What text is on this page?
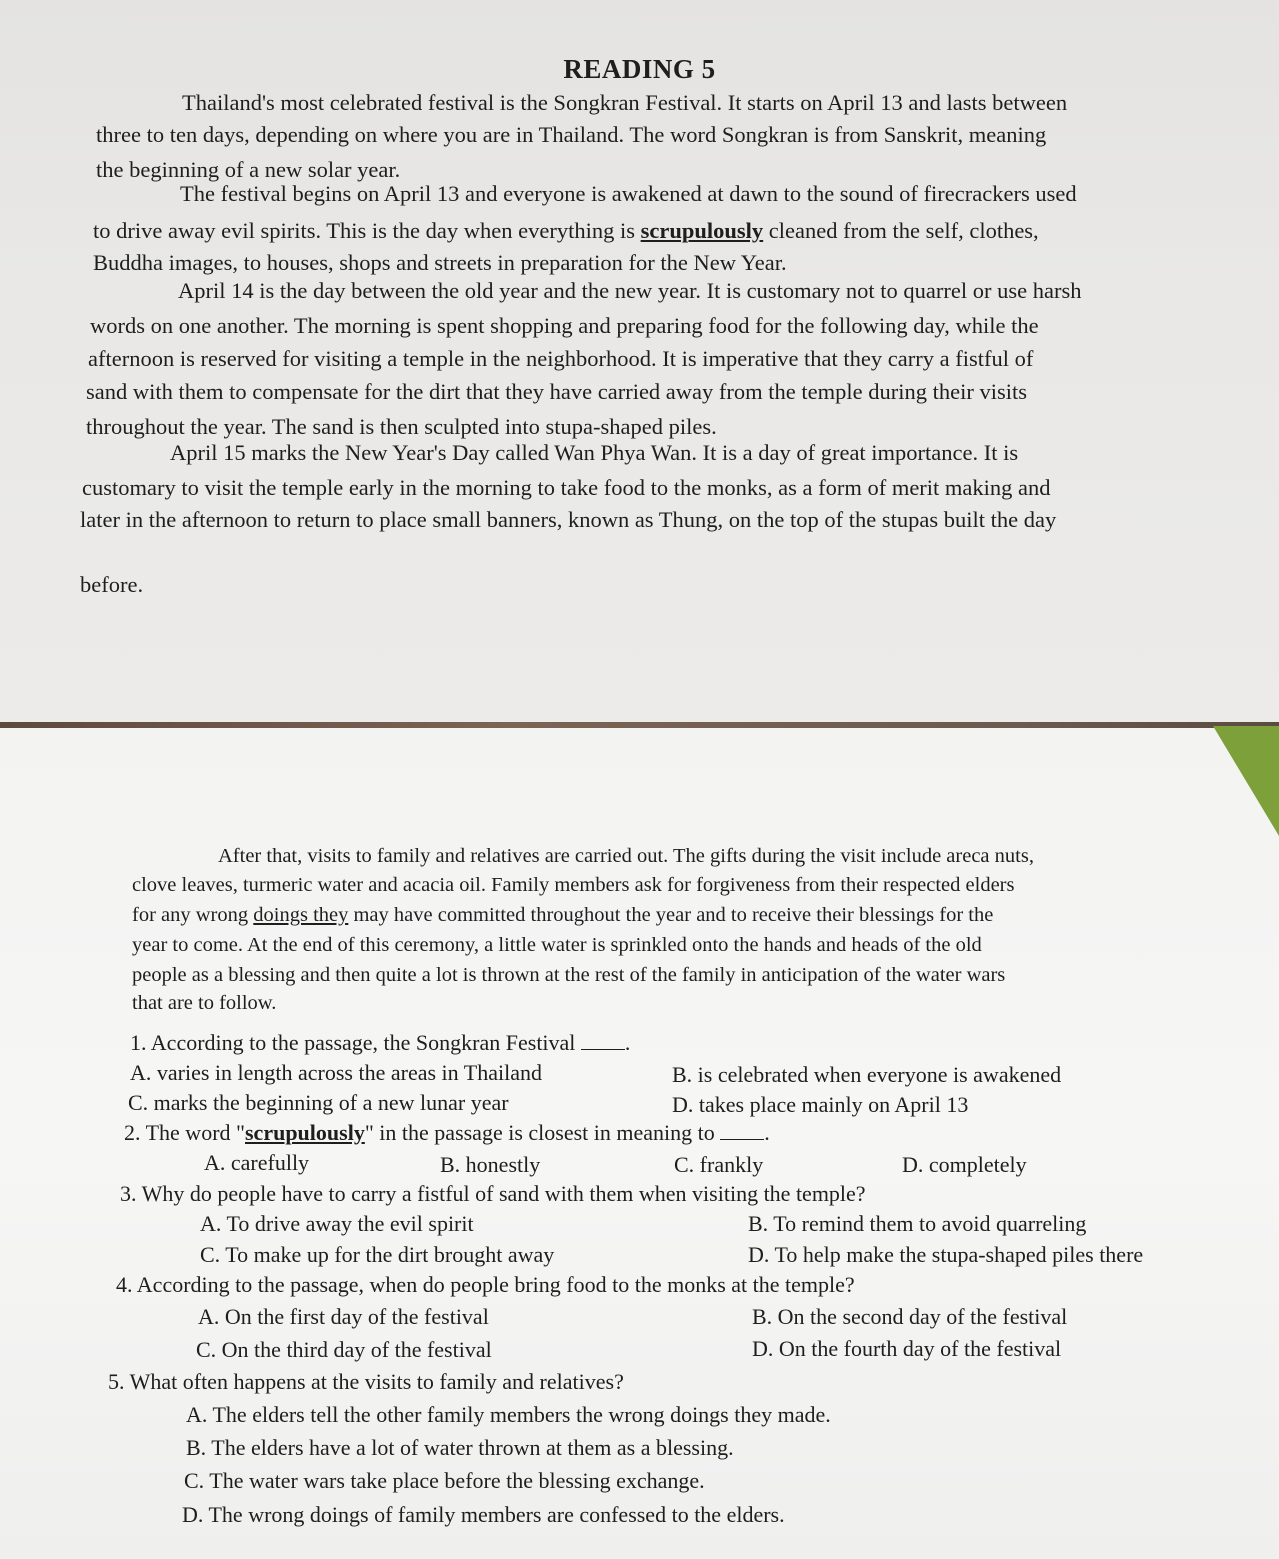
READING 5
Thailand's most celebrated festival is the Songkran Festival. It starts on April 13 and lasts between
three to ten days, depending on where you are in Thailand. The word Songkran is from Sanskrit, meaning
the beginning of a new solar year.
The festival begins on April 13 and everyone is awakened at dawn to the sound of firecrackers used
to drive away evil spirits. This is the day when everything is scrupulously cleaned from the self, clothes,
Buddha images, to houses, shops and streets in preparation for the New Year.
April 14 is the day between the old year and the new year. It is customary not to quarrel or use harsh
words on one another. The morning is spent shopping and preparing food for the following day, while the
afternoon is reserved for visiting a temple in the neighborhood. It is imperative that they carry a fistful of
sand with them to compensate for the dirt that they have carried away from the temple during their visits
throughout the year. The sand is then sculpted into stupa-shaped piles.
April 15 marks the New Year's Day called Wan Phya Wan. It is a day of great importance. It is
customary to visit the temple early in the morning to take food to the monks, as a form of merit making and
later in the afternoon to return to place small banners, known as Thung, on the top of the stupas built the day
before.
After that, visits to family and relatives are carried out. The gifts during the visit include areca nuts,
clove leaves, turmeric water and acacia oil. Family members ask for forgiveness from their respected elders
for any wrong doings they may have committed throughout the year and to receive their blessings for the
year to come. At the end of this ceremony, a little water is sprinkled onto the hands and heads of the old
people as a blessing and then quite a lot is thrown at the rest of the family in anticipation of the water wars
that are to follow.
1. According to the passage, the Songkran Festival .
A. varies in length across the areas in Thailand	B. is celebrated when everyone is awakened
C. marks the beginning of a new lunar year	D. takes place mainly on April 13
2. The word "scrupulously" in the passage is closest in meaning to .
A. carefully	B. honestly	C. frankly	D. completely
3. Why do people have to carry a fistful of sand with them when visiting the temple?
A. To drive away the evil spirit	B. To remind them to avoid quarreling
C. To make up for the dirt brought away	D. To help make the stupa-shaped piles there
4. According to the passage, when do people bring food to the monks at the temple?
A. On the first day of the festival	B. On the second day of the festival
C. On the third day of the festival	D. On the fourth day of the festival
5. What often happens at the visits to family and relatives?
A. The elders tell the other family members the wrong doings they made.
B. The elders have a lot of water thrown at them as a blessing.
C. The water wars take place before the blessing exchange.
D. The wrong doings of family members are confessed to the elders.
